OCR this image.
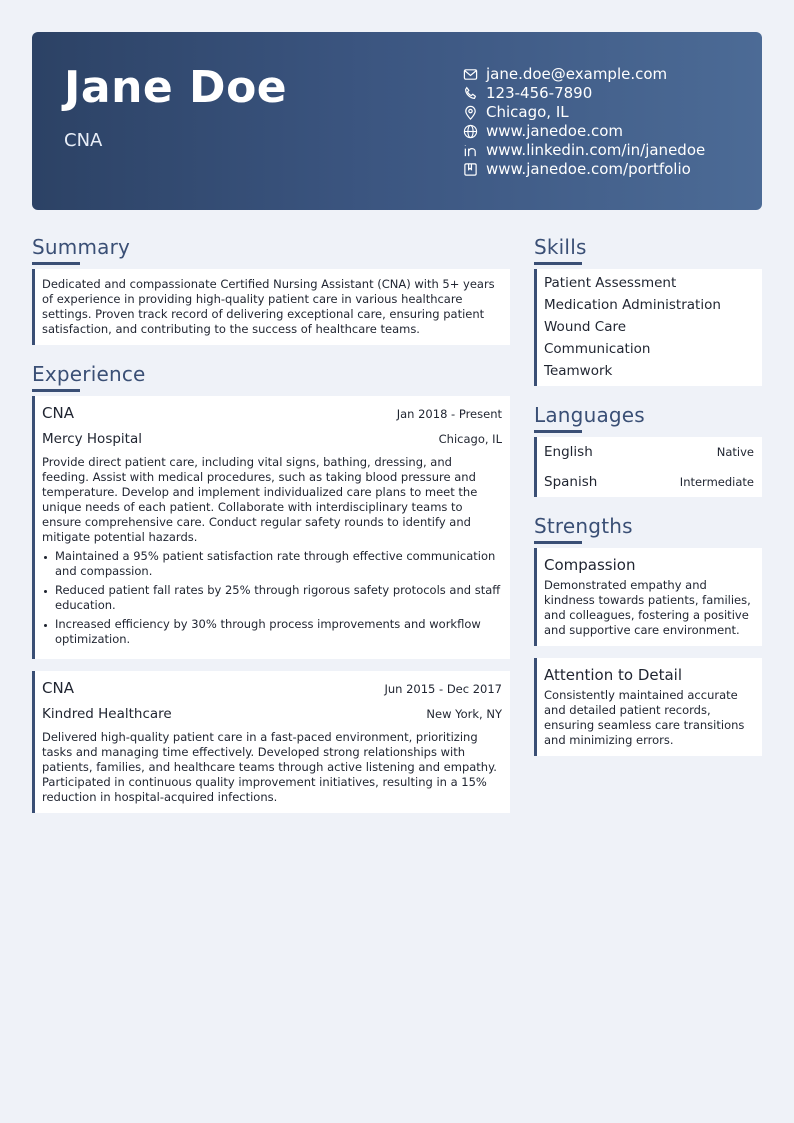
Jane Doe
CNA
jane.doe@example.com
123-456-7890
Chicago, IL
www.janedoe.com
www.linkedin.com/in/janedoe
www.janedoe.com/portfolio
Summary

Dedicated and compassionate Certified Nursing Assistant (CNA) with 5+ years of experience in providing high-quality patient care in various healthcare settings. Proven track record of delivering exceptional care, ensuring patient satisfaction, and contributing to the success of healthcare teams.

Experience
CNA	Jan 2018 - Present
Mercy Hospital	Chicago, IL

Provide direct patient care, including vital signs, bathing, dressing, and feeding. Assist with medical procedures, such as taking blood pressure and temperature. Develop and implement individualized care plans to meet the unique needs of each patient. Collaborate with interdisciplinary teams to ensure comprehensive care. Conduct regular safety rounds to identify and mitigate potential hazards.

Maintained a 95% patient satisfaction rate through effective communication and compassion.
Reduced patient fall rates by 25% through rigorous safety protocols and staff education.
Increased efficiency by 30% through process improvements and workflow optimization.
CNA	Jun 2015 - Dec 2017
Kindred Healthcare	New York, NY

Delivered high-quality patient care in a fast-paced environment, prioritizing tasks and managing time effectively. Developed strong relationships with patients, families, and healthcare teams through active listening and empathy. Participated in continuous quality improvement initiatives, resulting in a 15% reduction in hospital-acquired infections.

Skills
Patient Assessment
Medication Administration
Wound Care
Communication
Teamwork
Languages
English	Native
Spanish	Intermediate
Strengths
Compassion
Demonstrated empathy and kindness towards patients, families, and colleagues, fostering a positive and supportive care environment.
Attention to Detail
Consistently maintained accurate and detailed patient records, ensuring seamless care transitions and minimizing errors.
